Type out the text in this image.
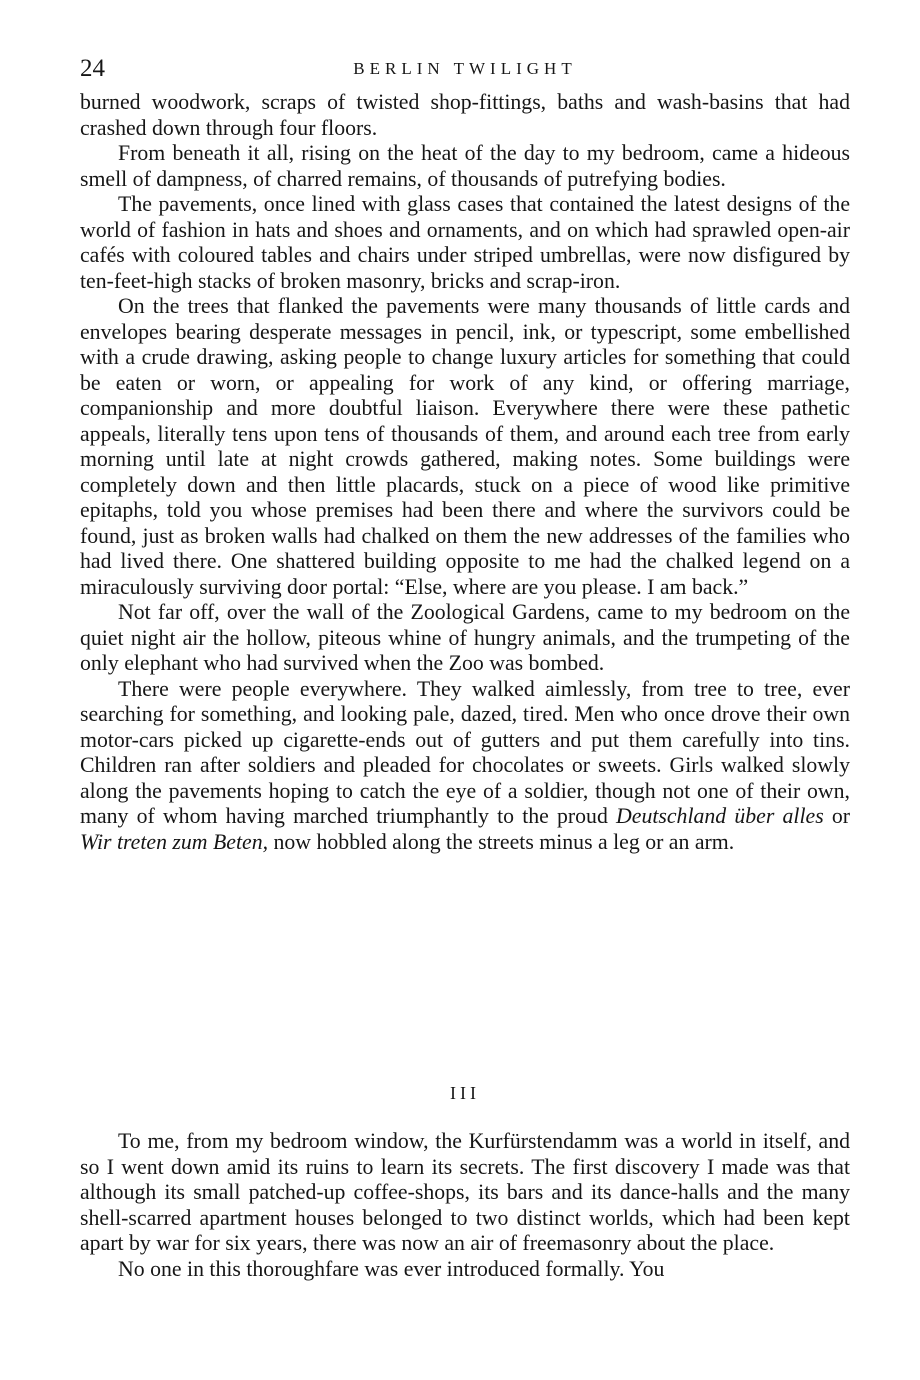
24	BERLIN TWILIGHT

burned woodwork, scraps of twisted shop-fittings, baths and wash-basins that had crashed down through four floors.

From beneath it all, rising on the heat of the day to my bedroom, came a hideous smell of dampness, of charred remains, of thousands of putrefying bodies.

The pavements, once lined with glass cases that contained the latest designs of the world of fashion in hats and shoes and ornaments, and on which had sprawled open-air cafés with coloured tables and chairs under striped umbrellas, were now disfigured by ten-feet-high stacks of broken masonry, bricks and scrap-iron.

On the trees that flanked the pavements were many thousands of little cards and envelopes bearing desperate messages in pencil, ink, or typescript, some embellished with a crude drawing, asking people to change luxury articles for something that could be eaten or worn, or appealing for work of any kind, or offering marriage, companionship and more doubtful liaison. Everywhere there were these pathetic appeals, literally tens upon tens of thousands of them, and around each tree from early morning until late at night crowds gathered, making notes. Some buildings were completely down and then little placards, stuck on a piece of wood like primitive epitaphs, told you whose premises had been there and where the survivors could be found, just as broken walls had chalked on them the new addresses of the families who had lived there. One shattered building opposite to me had the chalked legend on a miraculously surviving door portal: “Else, where are you please. I am back.”

Not far off, over the wall of the Zoological Gardens, came to my bedroom on the quiet night air the hollow, piteous whine of hungry animals, and the trumpeting of the only elephant who had survived when the Zoo was bombed.

There were people everywhere. They walked aimlessly, from tree to tree, ever searching for something, and looking pale, dazed, tired. Men who once drove their own motor-cars picked up cigarette-ends out of gutters and put them carefully into tins. Children ran after soldiers and pleaded for chocolates or sweets. Girls walked slowly along the pavements hoping to catch the eye of a soldier, though not one of their own, many of whom having marched triumphantly to the proud Deutschland über alles or Wir treten zum Beten, now hobbled along the streets minus a leg or an arm.

III

To me, from my bedroom window, the Kurfürstendamm was a world in itself, and so I went down amid its ruins to learn its secrets. The first discovery I made was that although its small patched-up coffee-shops, its bars and its dance-halls and the many shell-scarred apartment houses belonged to two distinct worlds, which had been kept apart by war for six years, there was now an air of freemasonry about the place.

No one in this thoroughfare was ever introduced formally. You
